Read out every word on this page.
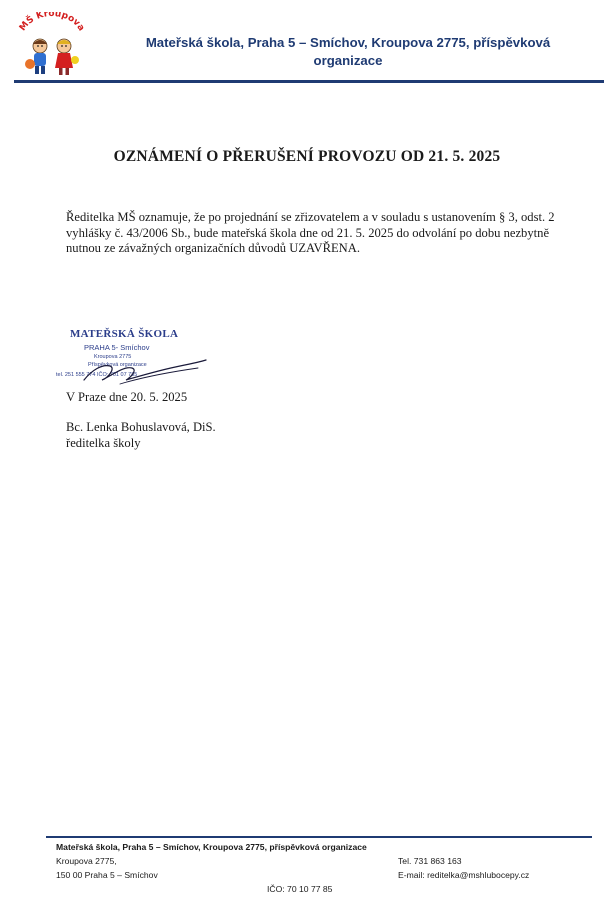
MŠ Kroupova
Mateřská škola, Praha 5 – Smíchov, Kroupova 2775, příspěvková organizace
OZNÁMENÍ O PŘERUŠENÍ PROVOZU OD 21. 5. 2025
Ředitelka MŠ oznamuje, že po projednání se zřizovatelem a v souladu s ustanovením § 3, odst. 2 vyhlášky č. 43/2006 Sb., bude mateřská škola dne od 21. 5. 2025 do odvolání po dobu nezbytně nutnou ze závažných organizačních důvodů UZAVŘENA.
MATEŘSKÁ ŠKOLA
PRAHA 5- Smíchov
Kroupova 2775
Příspěvková organizace
tel. 251 555 774 IČO: 701 07 785
V Praze dne 20. 5. 2025
Bc. Lenka Bohuslavová, DiS.
ředitelka školy
Mateřská škola, Praha 5 – Smíchov, Kroupova 2775, příspěvková organizace
Kroupova 2775,
150 00 Praha 5 – Smíchov
Tel. 731 863 163
E-mail: reditelka@mshlubocepy.cz
IČO: 70 10 77 85
